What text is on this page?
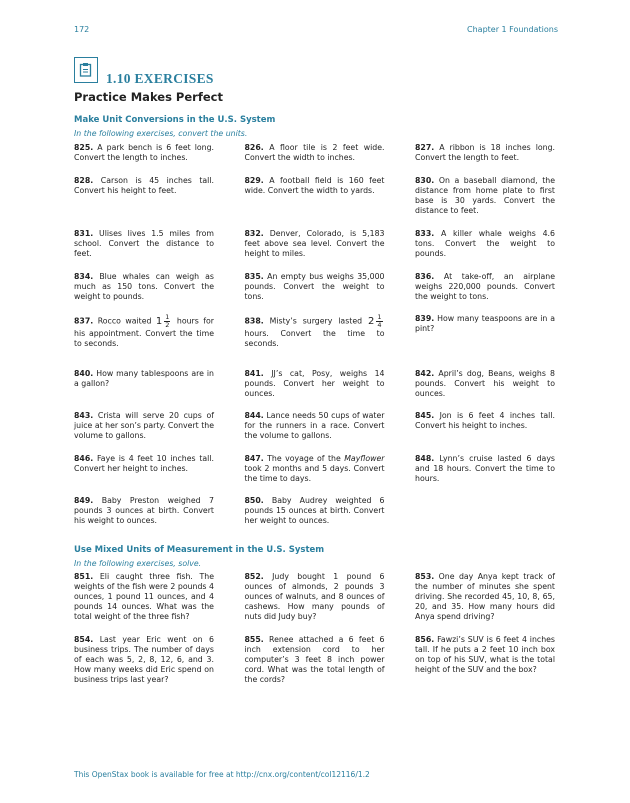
172	Chapter 1 Foundations
1.10 EXERCISES
Practice Makes Perfect
Make Unit Conversions in the U.S. System
In the following exercises, convert the units.
825. A park bench is 6 feet long. Convert the length to inches.
826. A floor tile is 2 feet wide. Convert the width to inches.
827. A ribbon is 18 inches long. Convert the length to feet.
828. Carson is 45 inches tall. Convert his height to feet.
829. A football field is 160 feet wide. Convert the width to yards.
830. On a baseball diamond, the distance from home plate to first base is 30 yards. Convert the distance to feet.
831. Ulises lives 1.5 miles from school. Convert the distance to feet.
832. Denver, Colorado, is 5,183 feet above sea level. Convert the height to miles.
833. A killer whale weighs 4.6 tons. Convert the weight to pounds.
834. Blue whales can weigh as much as 150 tons. Convert the weight to pounds.
835. An empty bus weighs 35,000 pounds. Convert the weight to tons.
836. At take-off, an airplane weighs 220,000 pounds. Convert the weight to tons.
837. Rocco waited $1 \frac{1}{2}$ hours for his appointment. Convert the time to seconds.
838. Misty’s surgery lasted $2 \frac{1}{4}$
hours. Convert the time to seconds.
839. How many teaspoons are in a pint?
840. How many tablespoons are in a gallon?
841. JJ’s cat, Posy, weighs 14 pounds. Convert her weight to ounces.
842. April’s dog, Beans, weighs 8 pounds. Convert his weight to ounces.
843. Crista will serve 20 cups of juice at her son’s party. Convert the volume to gallons.
844. Lance needs 50 cups of water for the runners in a race. Convert the volume to gallons.
845. Jon is 6 feet 4 inches tall. Convert his height to inches.
846. Faye is 4 feet 10 inches tall. Convert her height to inches.
847. The voyage of the Mayflower took 2 months and 5 days. Convert the time to days.
848. Lynn’s cruise lasted 6 days and 18 hours. Convert the time to hours.
849. Baby Preston weighed 7 pounds 3 ounces at birth. Convert his weight to ounces.
850. Baby Audrey weighted 6 pounds 15 ounces at birth. Convert her weight to ounces.
Use Mixed Units of Measurement in the U.S. System
In the following exercises, solve.
851. Eli caught three fish. The weights of the fish were 2 pounds 4 ounces, 1 pound 11 ounces, and 4 pounds 14 ounces. What was the total weight of the three fish?
852. Judy bought 1 pound 6 ounces of almonds, 2 pounds 3 ounces of walnuts, and 8 ounces of cashews. How many pounds of nuts did Judy buy?
853. One day Anya kept track of the number of minutes she spent driving. She recorded 45, 10, 8, 65, 20, and 35. How many hours did Anya spend driving?
854. Last year Eric went on 6 business trips. The number of days of each was 5, 2, 8, 12, 6, and 3. How many weeks did Eric spend on business trips last year?
855. Renee attached a 6 feet 6 inch extension cord to her computer’s 3 feet 8 inch power cord. What was the total length of the cords?
856. Fawzi’s SUV is 6 feet 4 inches tall. If he puts a 2 feet 10 inch box on top of his SUV, what is the total height of the SUV and the box?
This OpenStax book is available for free at http://cnx.org/content/col12116/1.2
